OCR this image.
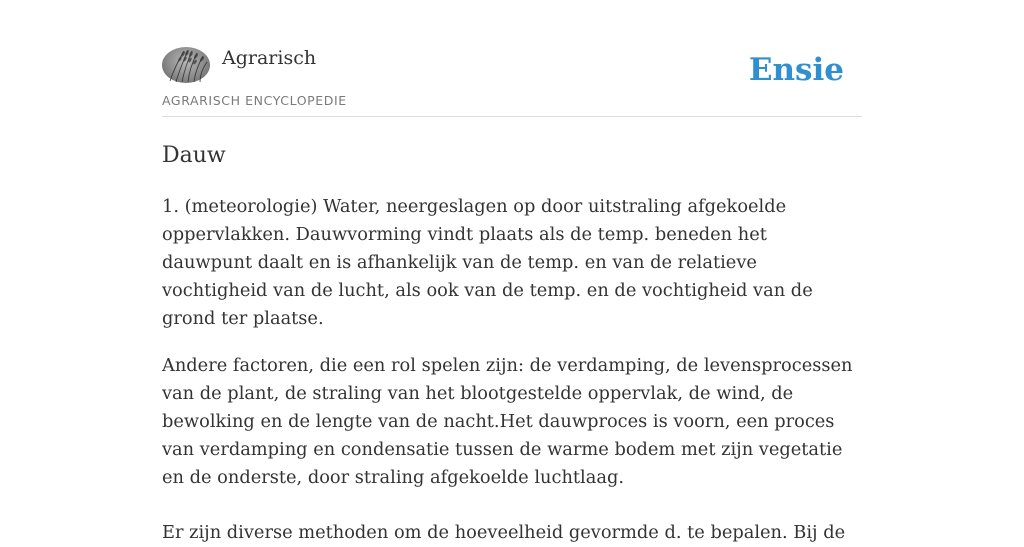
Agrarisch
AGRARISCH ENCYCLOPEDIE
Ensie
Dauw

1. (meteorologie) Water, neergeslagen op door uitstraling afgekoelde oppervlakken. Dauwvorming vindt plaats als de temp. beneden het dauwpunt daalt en is afhankelijk van de temp. en van de relatieve vochtigheid van de lucht, als ook van de temp. en de vochtigheid van de grond ter plaatse.

Andere factoren, die een rol spelen zijn: de verdamping, de levensprocessen van de plant, de straling van het blootgestelde oppervlak, de wind, de bewolking en de lengte van de nacht.Het dauwproces is voorn, een proces van verdamping en condensatie tussen de warme bodem met zijn vegetatie en de onderste, door straling afgekoelde luchtlaag.

Er zijn diverse methoden om de hoeveelheid gevormde d. te bepalen. Bij de
